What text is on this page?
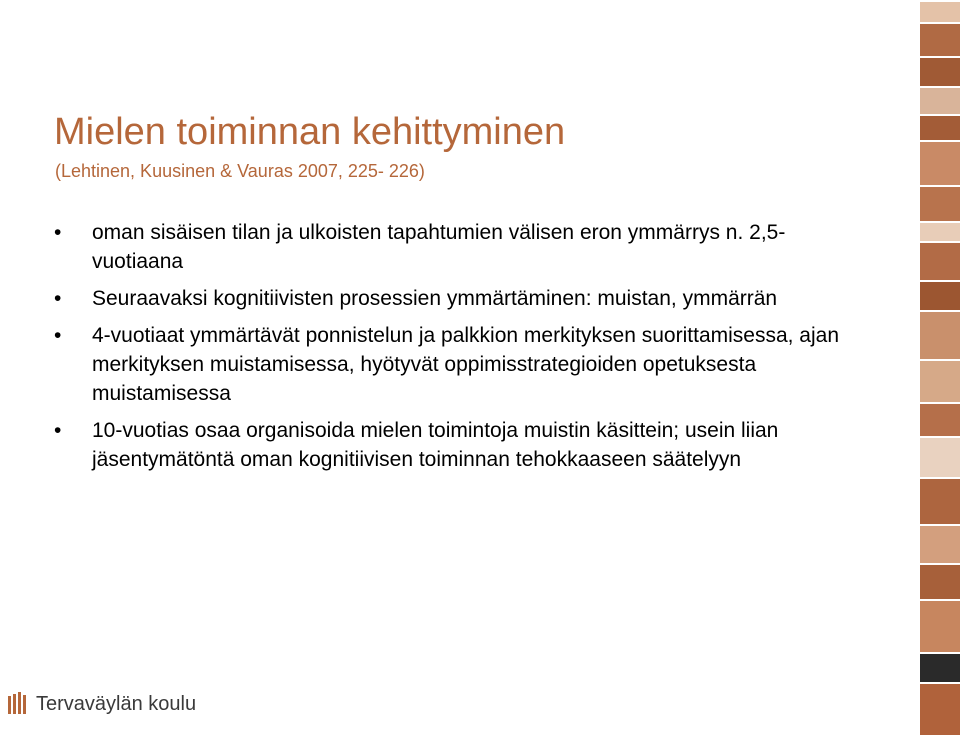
Mielen toiminnan kehittyminen
(Lehtinen, Kuusinen & Vauras 2007, 225- 226)
• oman sisäisen tilan ja ulkoisten tapahtumien välisen eron ymmärrys n. 2,5-vuotiaana
• Seuraavaksi kognitiivisten prosessien ymmärtäminen: muistan, ymmärrän
• 4-vuotiaat ymmärtävät ponnistelun ja palkkion merkityksen suorittamisessa, ajan merkityksen muistamisessa, hyötyvät oppimisstrategioiden opetuksesta muistamisessa
• 10-vuotias osaa organisoida mielen toimintoja muistin käsittein; usein liian jäsentymätöntä oman kognitiivisen toiminnan tehokkaaseen säätelyyn
Tervaväylän koulu
